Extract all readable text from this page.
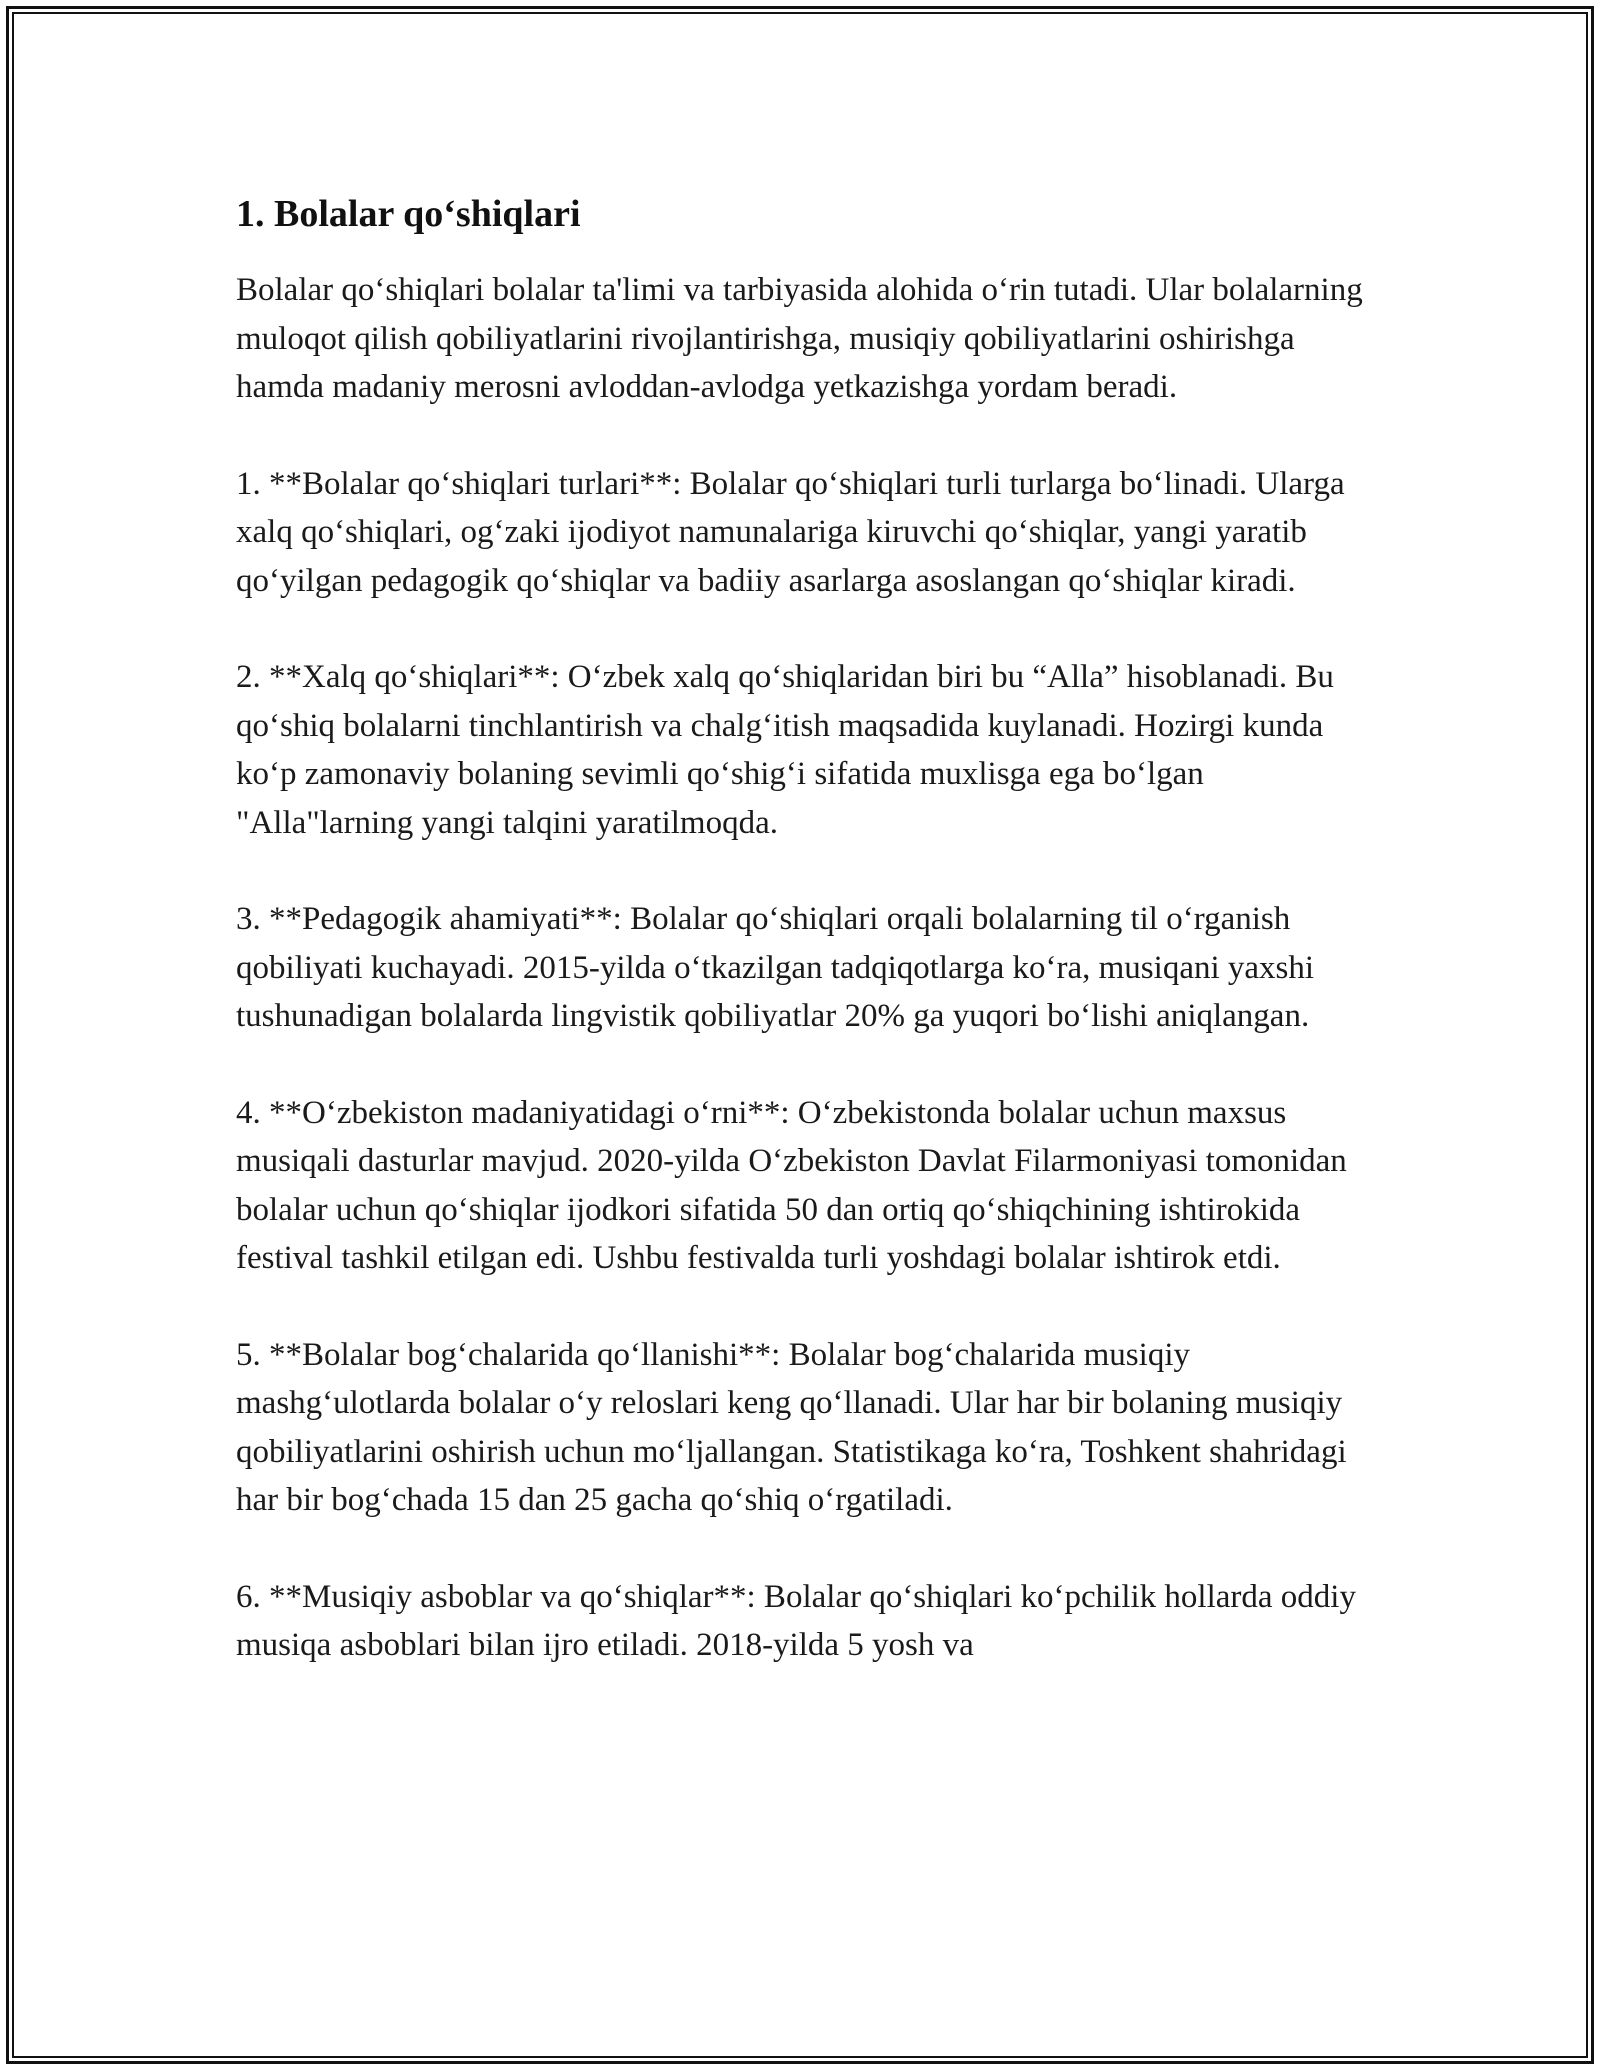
1. Bolalar qo‘shiqlari

Bolalar qo‘shiqlari bolalar ta'limi va tarbiyasida alohida o‘rin tutadi. Ular bolalarning muloqot qilish qobiliyatlarini rivojlantirishga, musiqiy qobiliyatlarini oshirishga hamda madaniy merosni avloddan-avlodga yetkazishga yordam beradi.

1. **Bolalar qo‘shiqlari turlari**: Bolalar qo‘shiqlari turli turlarga bo‘linadi. Ularga xalq qo‘shiqlari, og‘zaki ijodiyot namunalariga kiruvchi qo‘shiqlar, yangi yaratib qo‘yilgan pedagogik qo‘shiqlar va badiiy asarlarga asoslangan qo‘shiqlar kiradi.

2. **Xalq qo‘shiqlari**: O‘zbek xalq qo‘shiqlaridan biri bu “Alla” hisoblanadi. Bu qo‘shiq bolalarni tinchlantirish va chalg‘itish maqsadida kuylanadi. Hozirgi kunda ko‘p zamonaviy bolaning sevimli qo‘shig‘i sifatida muxlisga ega bo‘lgan "Alla"larning yangi talqini yaratilmoqda.

3. **Pedagogik ahamiyati**: Bolalar qo‘shiqlari orqali bolalarning til o‘rganish qobiliyati kuchayadi. 2015-yilda o‘tkazilgan tadqiqotlarga ko‘ra, musiqani yaxshi tushunadigan bolalarda lingvistik qobiliyatlar 20% ga yuqori bo‘lishi aniqlangan.

4. **O‘zbekiston madaniyatidagi o‘rni**: O‘zbekistonda bolalar uchun maxsus musiqali dasturlar mavjud. 2020-yilda O‘zbekiston Davlat Filarmoniyasi tomonidan bolalar uchun qo‘shiqlar ijodkori sifatida 50 dan ortiq qo‘shiqchining ishtirokida festival tashkil etilgan edi. Ushbu festivalda turli yoshdagi bolalar ishtirok etdi.

5. **Bolalar bog‘chalarida qo‘llanishi**: Bolalar bog‘chalarida musiqiy mashg‘ulotlarda bolalar o‘y reloslari keng qo‘llanadi. Ular har bir bolaning musiqiy qobiliyatlarini oshirish uchun mo‘ljallangan. Statistikaga ko‘ra, Toshkent shahridagi har bir bog‘chada 15 dan 25 gacha qo‘shiq o‘rgatiladi.

6. **Musiqiy asboblar va qo‘shiqlar**: Bolalar qo‘shiqlari ko‘pchilik hollarda oddiy musiqa asboblari bilan ijro etiladi. 2018-yilda 5 yosh va
